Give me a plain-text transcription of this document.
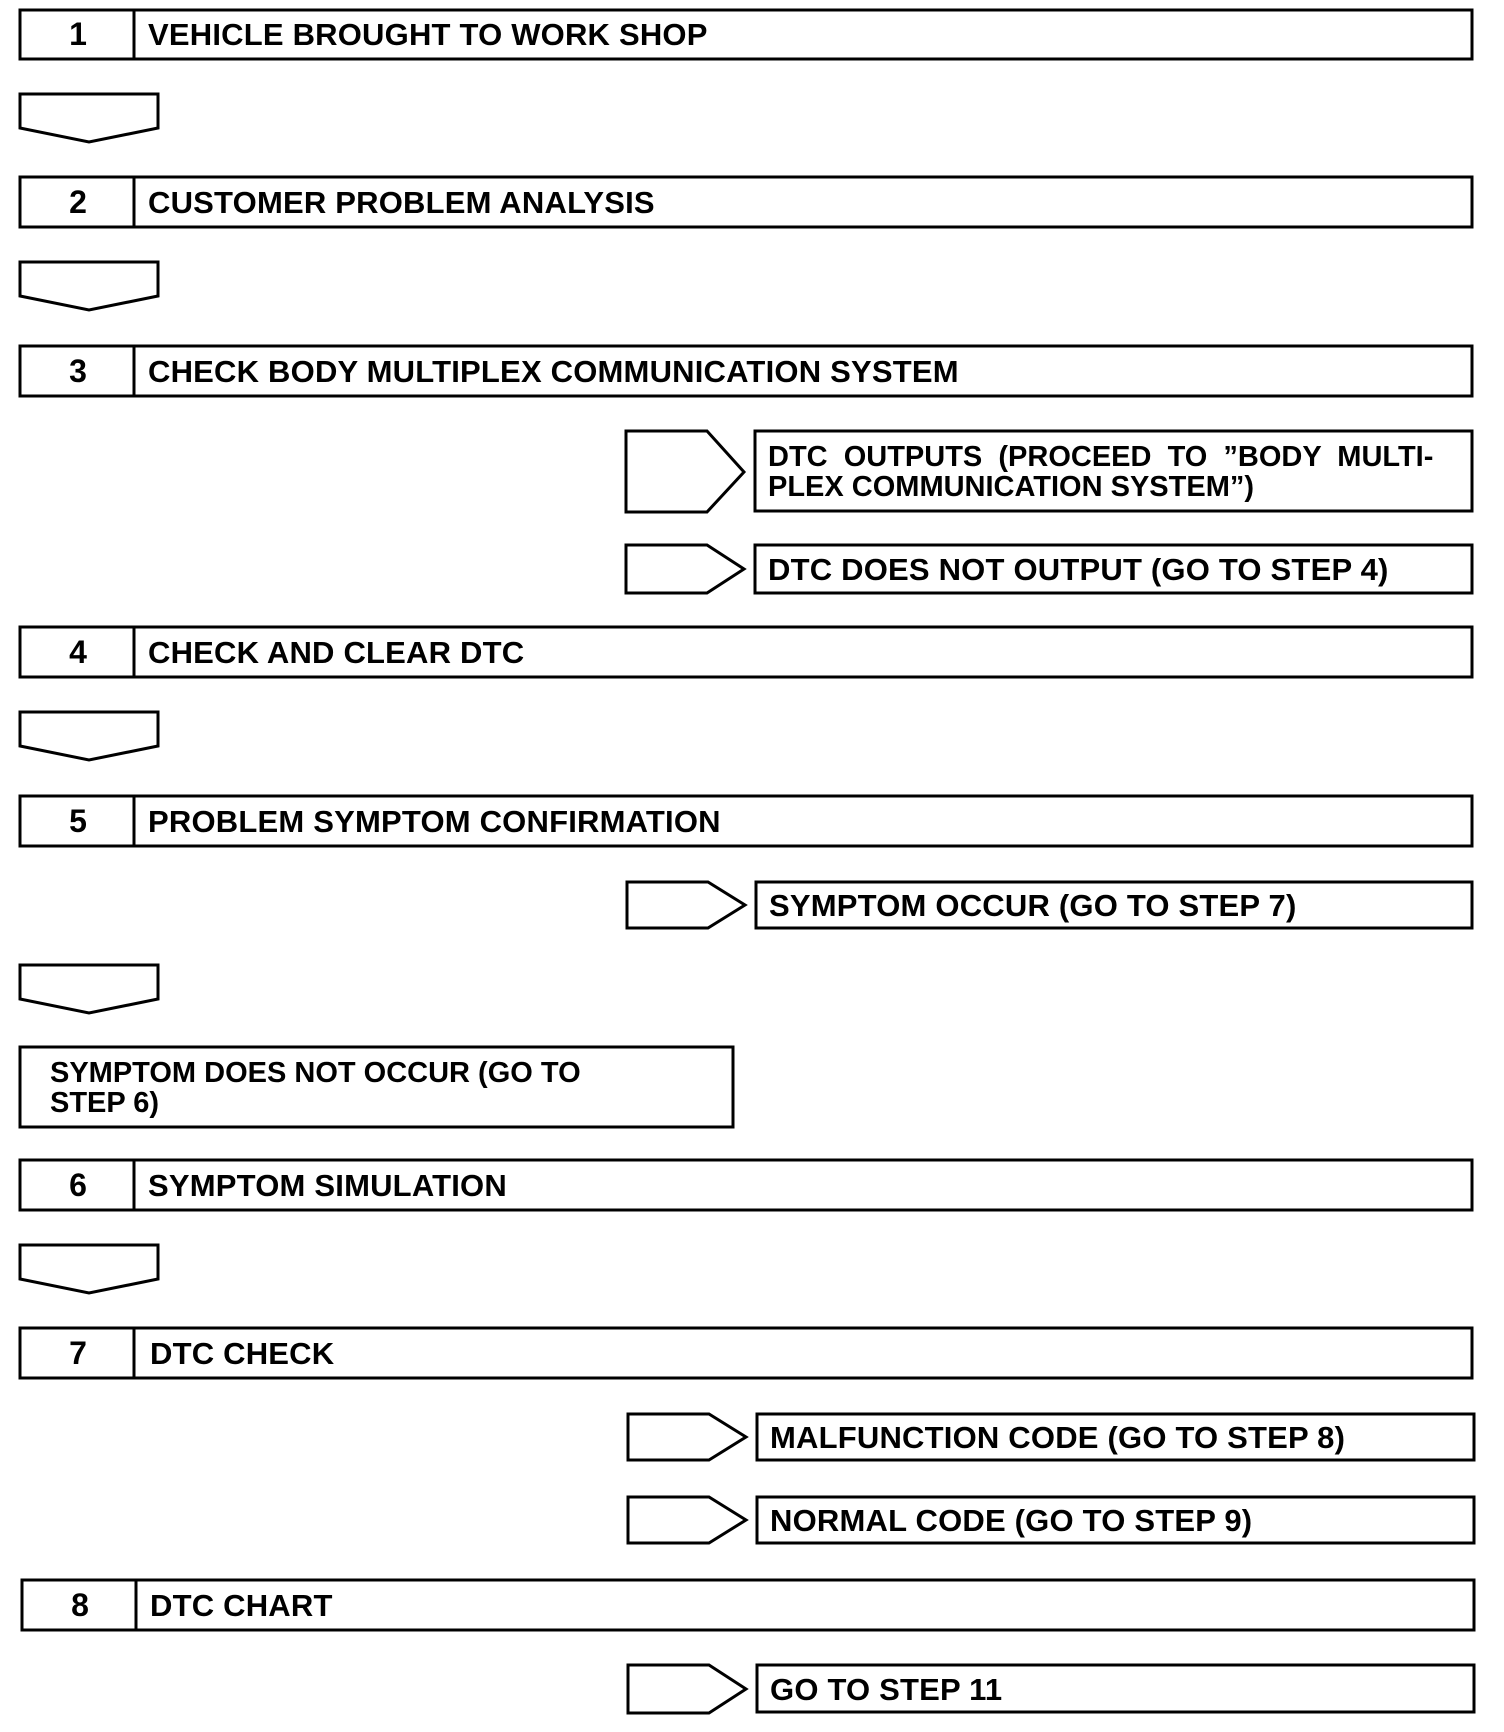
1 VEHICLE BROUGHT TO WORK SHOP
2 CUSTOMER PROBLEM ANALYSIS
3 CHECK BODY MULTIPLEX COMMUNICATION SYSTEM
DTC  OUTPUTS  (PROCEED  TO  ”BODY  MULTI-
PLEX COMMUNICATION SYSTEM”)
DTC DOES NOT OUTPUT (GO TO STEP 4)
4 CHECK AND CLEAR DTC
5 PROBLEM SYMPTOM CONFIRMATION
SYMPTOM OCCUR (GO TO STEP 7)
SYMPTOM DOES NOT OCCUR (GO TO
STEP 6)
6 SYMPTOM SIMULATION
7 DTC CHECK
MALFUNCTION CODE (GO TO STEP 8)
NORMAL CODE (GO TO STEP 9)
8 DTC CHART
GO TO STEP 11
